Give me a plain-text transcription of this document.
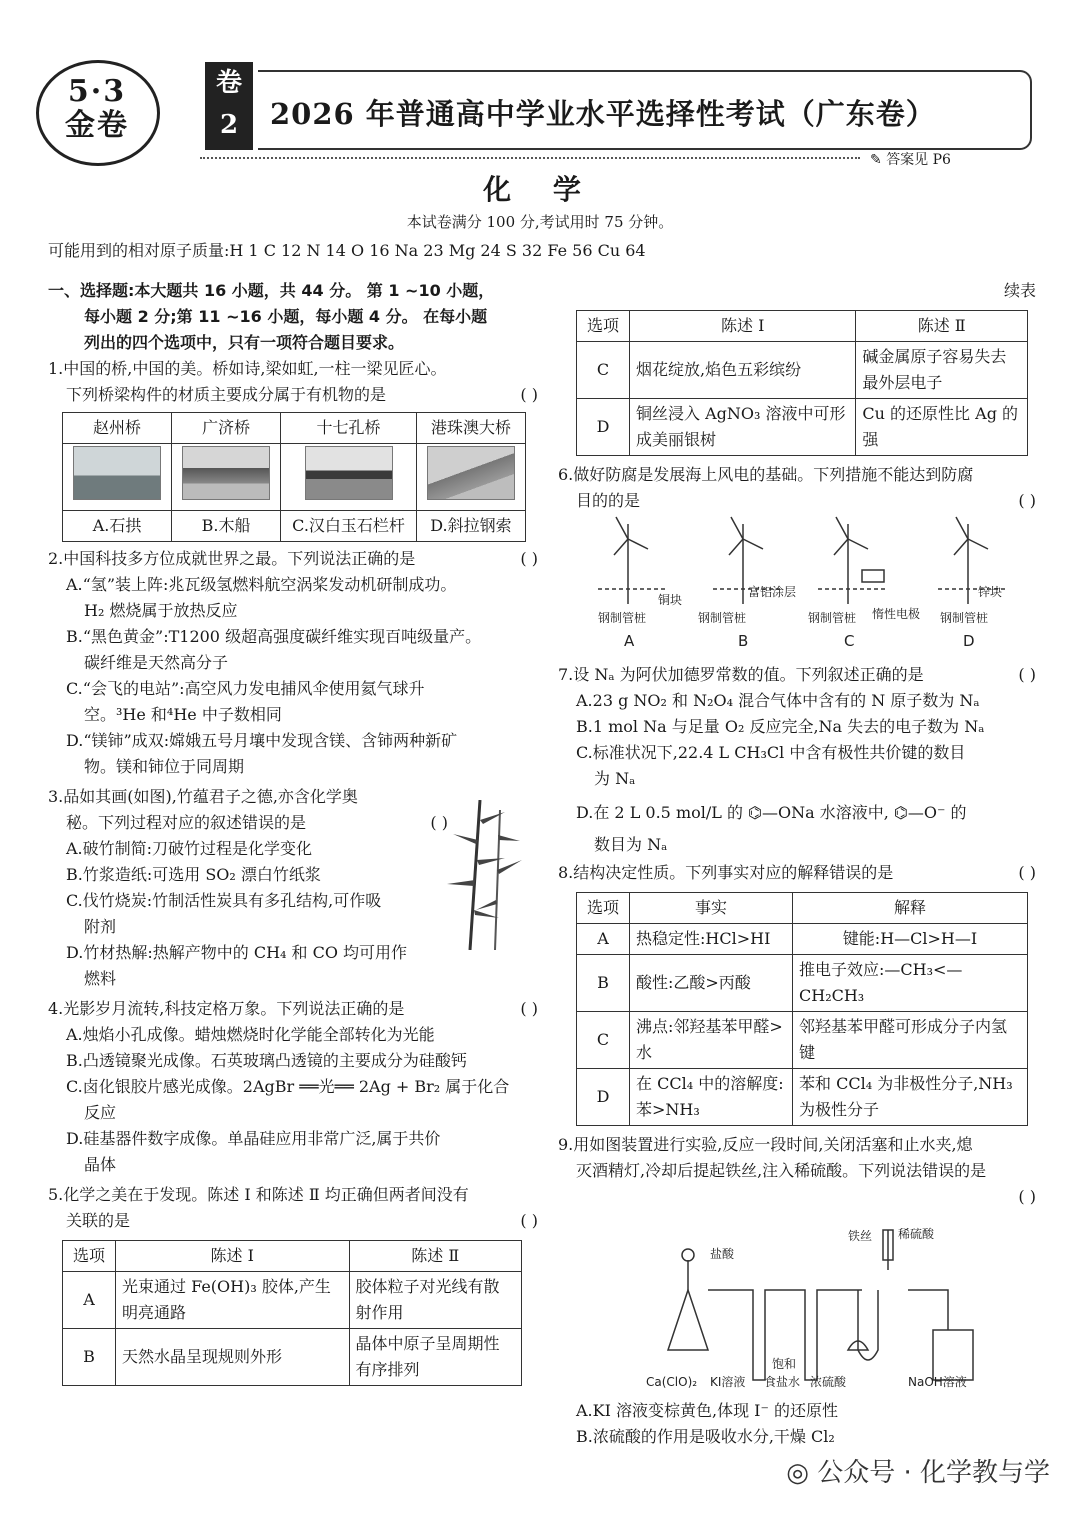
5·3 金卷
卷 2	2026 年普通高中学业水平选择性考试（广东卷）
✎ 答案见 P6
化 学
本试卷满分 100 分,考试用时 75 分钟。
可能用到的相对原子质量:H 1 C 12 N 14 O 16 Na 23 Mg 24 S 32 Fe 56 Cu 64
一、选择题:本大题共 16 小题，共 44 分。 第 1 ~10 小题，
每小题 2 分;第 11 ~16 小题，每小题 4 分。 在每小题
列出的四个选项中，只有一项符合题目要求。
1.中国的桥,中国的美。桥如诗,梁如虹,一柱一梁见匠心。
下列桥梁构件的材质主要成分属于有机物的是	( )
赵州桥	广济桥	十七孔桥	港珠澳大桥

A.石拱	B.木船	C.汉白玉石栏杆	D.斜拉钢索
2.中国科技多方位成就世界之最。下列说法正确的是	( )
A.“氢”装上阵:兆瓦级氢燃料航空涡桨发动机研制成功。
H₂ 燃烧属于放热反应
B.“黑色黄金”:T1200 级超高强度碳纤维实现百吨级量产。
碳纤维是天然高分子
C.“会飞的电站”:高空风力发电捕风伞使用氦气球升
空。³He 和⁴He 中子数相同
D.“镁铈”成双:嫦娥五号月壤中发现含镁、含铈两种新矿
物。镁和铈位于同周期
3.品如其画(如图),竹蕴君子之德,亦含化学奥
秘。下列过程对应的叙述错误的是	( )
A.破竹制简:刀破竹过程是化学变化
B.竹浆造纸:可选用 SO₂ 漂白竹纸浆
C.伐竹烧炭:竹制活性炭具有多孔结构,可作吸
附剂
D.竹材热解:热解产物中的 CH₄ 和 CO 均可用作
燃料
4.光影岁月流转,科技定格万象。下列说法正确的是	( )
A.烛焰小孔成像。蜡烛燃烧时化学能全部转化为光能
B.凸透镜聚光成像。石英玻璃凸透镜的主要成分为硅酸钙
C.卤化银胶片感光成像。2AgBr ══光══ 2Ag + Br₂ 属于化合
反应
D.硅基器件数字成像。单晶硅应用非常广泛,属于共价
晶体
5.化学之美在于发现。陈述 Ⅰ 和陈述 Ⅱ 均正确但两者间没有
关联的是	( )
选项	陈述 Ⅰ	陈述 Ⅱ
A	光束通过 Fe(OH)₃ 胶体,产生明亮通路	胶体粒子对光线有散射作用
B	天然水晶呈现规则外形	晶体中原子呈周期性有序排列
续表
选项	陈述 Ⅰ	陈述 Ⅱ
C	烟花绽放,焰色五彩缤纷	碱金属原子容易失去最外层电子
D	铜丝浸入 AgNO₃ 溶液中可形成美丽银树	Cu 的还原性比 Ag 的强
6.做好防腐是发展海上风电的基础。下列措施不能达到防腐
目的的是	( )
钢制管桩
铜块
钢制管桩
富铝涂层
钢制管桩 惰性电极 钢制管桩
锌块
A	B	C	D
7.设 Nₐ 为阿伏加德罗常数的值。下列叙述正确的是	( )
A.23 g NO₂ 和 N₂O₄ 混合气体中含有的 N 原子数为 Nₐ
B.1 mol Na 与足量 O₂ 反应完全,Na 失去的电子数为 Nₐ
C.标准状况下,22.4 L CH₃Cl 中含有极性共价键的数目
为 Nₐ
D.在 2 L 0.5 mol/L 的 ⌬—ONa 水溶液中, ⌬—O⁻ 的
数目为 Nₐ
8.结构决定性质。下列事实对应的解释错误的是	( )
选项	事实	解释
A	热稳定性:HCl>HI	键能:H—Cl>H—I
B	酸性:乙酸>丙酸	推电子效应:—CH₃<—CH₂CH₃
C	沸点:邻羟基苯甲醛>水	邻羟基苯甲醛可形成分子内氢键
D	在 CCl₄ 中的溶解度:苯>NH₃	苯和 CCl₄ 为非极性分子,NH₃ 为极性分子
9.用如图装置进行实验,反应一段时间,关闭活塞和止水夹,熄
灭酒精灯,冷却后提起铁丝,注入稀硫酸。下列说法错误的是
( )
盐酸
铁丝 稀硫酸
Ca(ClO)₂ KI溶液
饱和
食盐水 浓硫酸	NaOH溶液
A.KI 溶液变棕黄色,体现 I⁻ 的还原性
B.浓硫酸的作用是吸收水分,干燥 Cl₂
◎ 公众号 · 化学教与学
